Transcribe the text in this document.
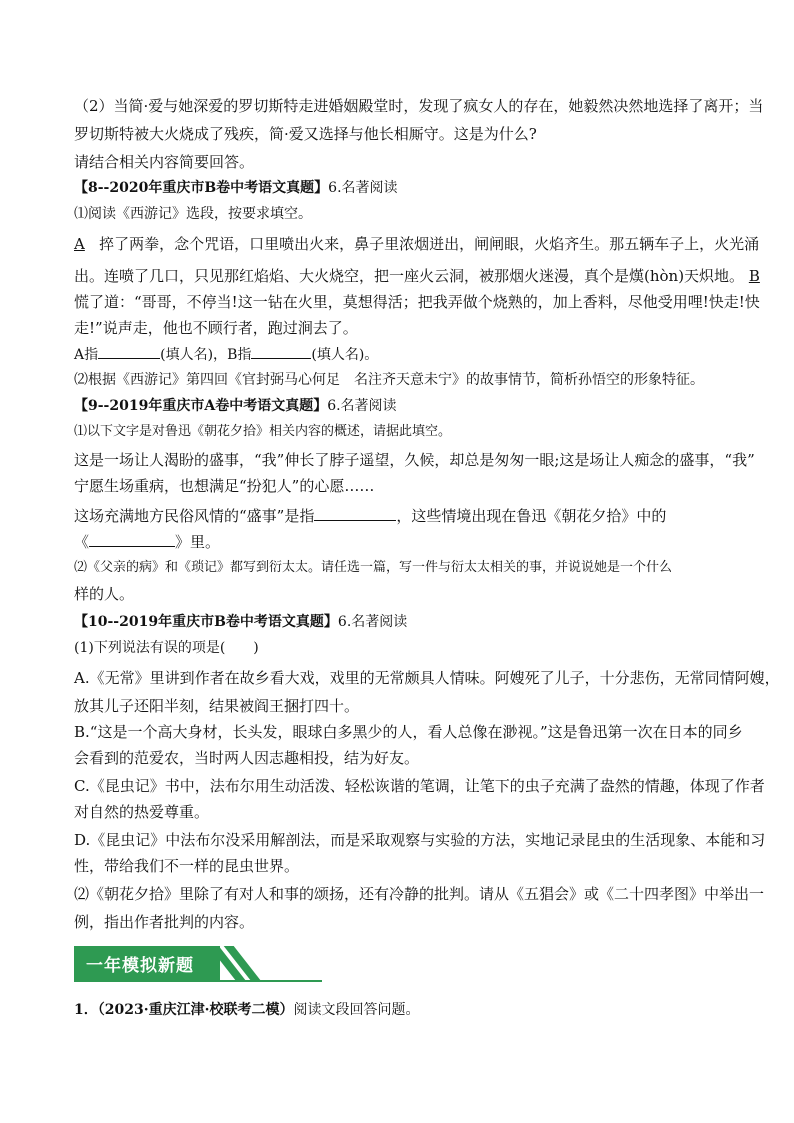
（2）当简·爱与她深爱的罗切斯特走进婚姻殿堂时，发现了疯女人的存在，她毅然决然地选择了离开；当
罗切斯特被大火烧成了残疾，简·爱又选择与他长相厮守。这是为什么?
请结合相关内容简要回答。
【8--2020年重庆市B卷中考语文真题】6.名著阅读
⑴阅读《西游记》选段，按要求填空。
A 捽了两拳，念个咒语，口里喷出火来，鼻子里浓烟迸出，闸闸眼，火焰齐生。那五辆车子上，火光涌
出。连喷了几口，只见那红焰焰、大火烧空，把一座火云洞，被那烟火迷漫，真个是熯(hòn)天炽地。 B
慌了道：“哥哥，不停当!这一钻在火里，莫想得活；把我弄做个烧熟的，加上香料，尽他受用哩!快走!快
走!”说声走，他也不顾行者，跑过涧去了。
A指	(填人名)，B指	(填人名)。
⑵根据《西游记》第四回《官封弼马心何足　名注齐天意未宁》的故事情节，简析孙悟空的形象特征。
【9--2019年重庆市A卷中考语文真题】6.名著阅读
⑴以下文字是对鲁迅《朝花夕拾》相关内容的概述，请据此填空。
这是一场让人渴盼的盛事，“我”伸长了脖子遥望，久候，却总是匆匆一眼;这是场让人痴念的盛事，“我”
宁愿生场重病，也想满足“扮犯人”的心愿……
这场充满地方民俗风情的“盛事”是指	，这些情境出现在鲁迅《朝花夕拾》中的
《	》里。
⑵《父亲的病》和《琐记》都写到衍太太。请任选一篇，写一件与衍太太相关的事，并说说她是一个什么
样的人。
【10--2019年重庆市B卷中考语文真题】6.名著阅读
(1)下列说法有误的项是(　　)
A.《无常》里讲到作者在故乡看大戏，戏里的无常颇具人情味。阿嫂死了儿子，十分悲伤，无常同情阿嫂，
放其儿子还阳半刻，结果被阎王捆打四十。
B.“这是一个高大身材，长头发，眼球白多黑少的人，看人总像在渺视。”这是鲁迅第一次在日本的同乡
会看到的范爱农，当时两人因志趣相投，结为好友。
C.《昆虫记》书中，法布尔用生动活泼、轻松诙谐的笔调，让笔下的虫子充满了盎然的情趣，体现了作者
对自然的热爱尊重。
D.《昆虫记》中法布尔没采用解剖法，而是采取观察与实验的方法，实地记录昆虫的生活现象、本能和习
性，带给我们不一样的昆虫世界。
⑵《朝花夕拾》里除了有对人和事的颂扬，还有冷静的批判。请从《五猖会》或《二十四孝图》中举出一
例，指出作者批判的内容。
一年模拟新题
1．（2023·重庆江津·校联考二模）阅读文段回答问题。
